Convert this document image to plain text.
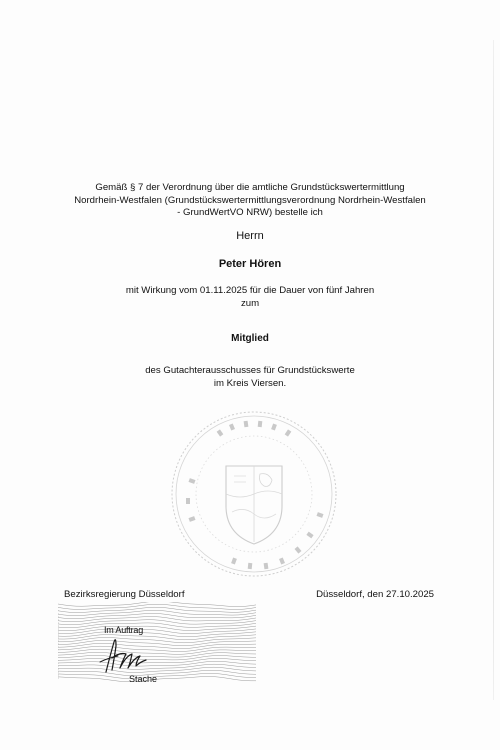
Gemäß § 7 der Verordnung über die amtliche Grundstückswertermittlung
Nordrhein-Westfalen (Grundstückswertermittlungsverordnung Nordrhein-Westfalen
- GrundWertVO NRW) bestelle ich
Herrn
Peter Hören
mit Wirkung vom 01.11.2025 für die Dauer von fünf Jahren
zum
Mitglied
des Gutachterausschusses für Grundstückswerte
im Kreis Viersen.
Bezirksregierung Düsseldorf	Düsseldorf, den 27.10.2025
Im Auftrag
Stache
